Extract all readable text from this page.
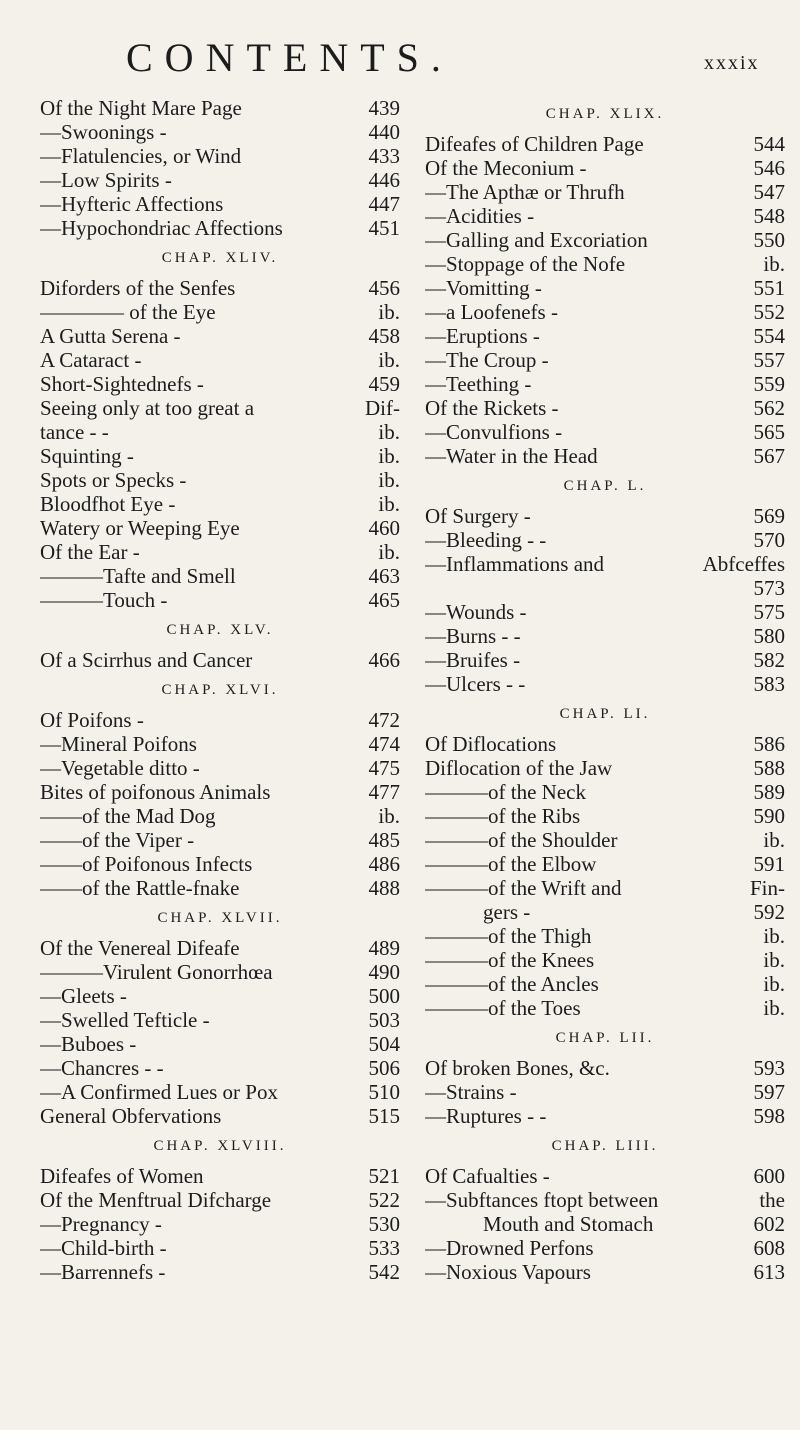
CONTENTS.	xxxix
Of the Night Mare Page	439
—Swoonings -	440
—Flatulencies, or Wind	433
—Low Spirits -	446
—Hyfteric Affections	447
—Hypochondriac Affections	451
CHAP. XLIV.
Diforders of the Senfes	456
———— of the Eye	ib.
A Gutta Serena -	458
A Cataract -	ib.
Short-Sightednefs -	459
Seeing only at too great a	Dif-
tance - -	ib.
Squinting -	ib.
Spots or Specks -	ib.
Bloodfhot Eye -	ib.
Watery or Weeping Eye	460
Of the Ear -	ib.
———Tafte and Smell	463
———Touch -	465
CHAP. XLV.
Of a Scirrhus and Cancer	466
CHAP. XLVI.
Of Poifons -	472
—Mineral Poifons	474
—Vegetable ditto -	475
Bites of poifonous Animals	477
——of the Mad Dog	ib.
——of the Viper -	485
——of Poifonous Infects	486
——of the Rattle-fnake	488
CHAP. XLVII.
Of the Venereal Difeafe	489
———Virulent Gonorrhœa	490
—Gleets -	500
—Swelled Tefticle -	503
—Buboes -	504
—Chancres - -	506
—A Confirmed Lues or Pox	510
General Obfervations	515
CHAP. XLVIII.
Difeafes of Women	521
Of the Menftrual Difcharge	522
—Pregnancy -	530
—Child-birth -	533
—Barrennefs -	542
CHAP. XLIX.
Difeafes of Children Page	544
Of the Meconium -	546
—The Apthæ or Thrufh	547
—Acidities -	548
—Galling and Excoriation	550
—Stoppage of the Nofe	ib.
—Vomitting -	551
—a Loofenefs -	552
—Eruptions -	554
—The Croup -	557
—Teething -	559
Of the Rickets -	562
—Convulfions -	565
—Water in the Head	567
CHAP. L.
Of Surgery -	569
—Bleeding - -	570
—Inflammations and	Abfceffes
573
—Wounds -	575
—Burns - -	580
—Bruifes -	582
—Ulcers - -	583
CHAP. LI.
Of Diflocations	586
Diflocation of the Jaw	588
———of the Neck	589
———of the Ribs	590
———of the Shoulder	ib.
———of the Elbow	591
———of the Wrift and	Fin-
gers -	592
———of the Thigh	ib.
———of the Knees	ib.
———of the Ancles	ib.
———of the Toes	ib.
CHAP. LII.
Of broken Bones, &c.	593
—Strains -	597
—Ruptures - -	598
CHAP. LIII.
Of Cafualties -	600
—Subftances ftopt between	the
Mouth and Stomach	602
—Drowned Perfons	608
—Noxious Vapours	613
